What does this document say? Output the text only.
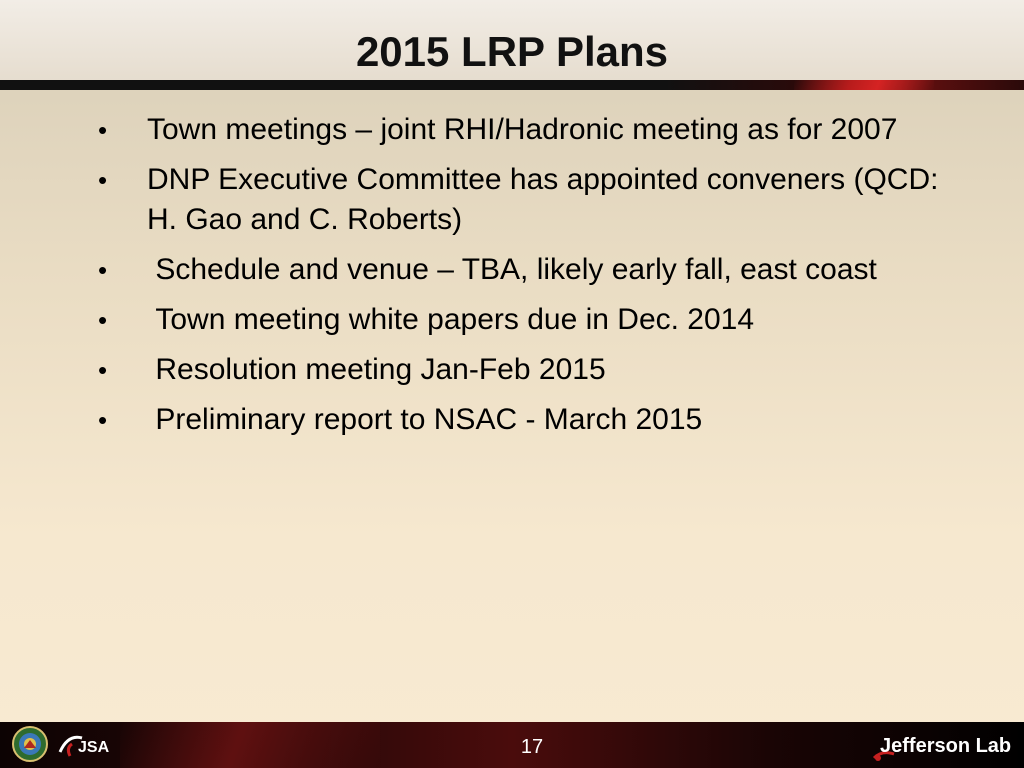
2015 LRP Plans
• Town meetings – joint RHI/Hadronic meeting as for 2007
• DNP Executive Committee has appointed conveners (QCD: H. Gao and C. Roberts)
• Schedule and venue – TBA, likely early fall, east coast
• Town meeting white papers due in Dec. 2014
• Resolution meeting Jan-Feb 2015
• Preliminary report to NSAC - March 2015
JSA	17	Jefferson Lab
